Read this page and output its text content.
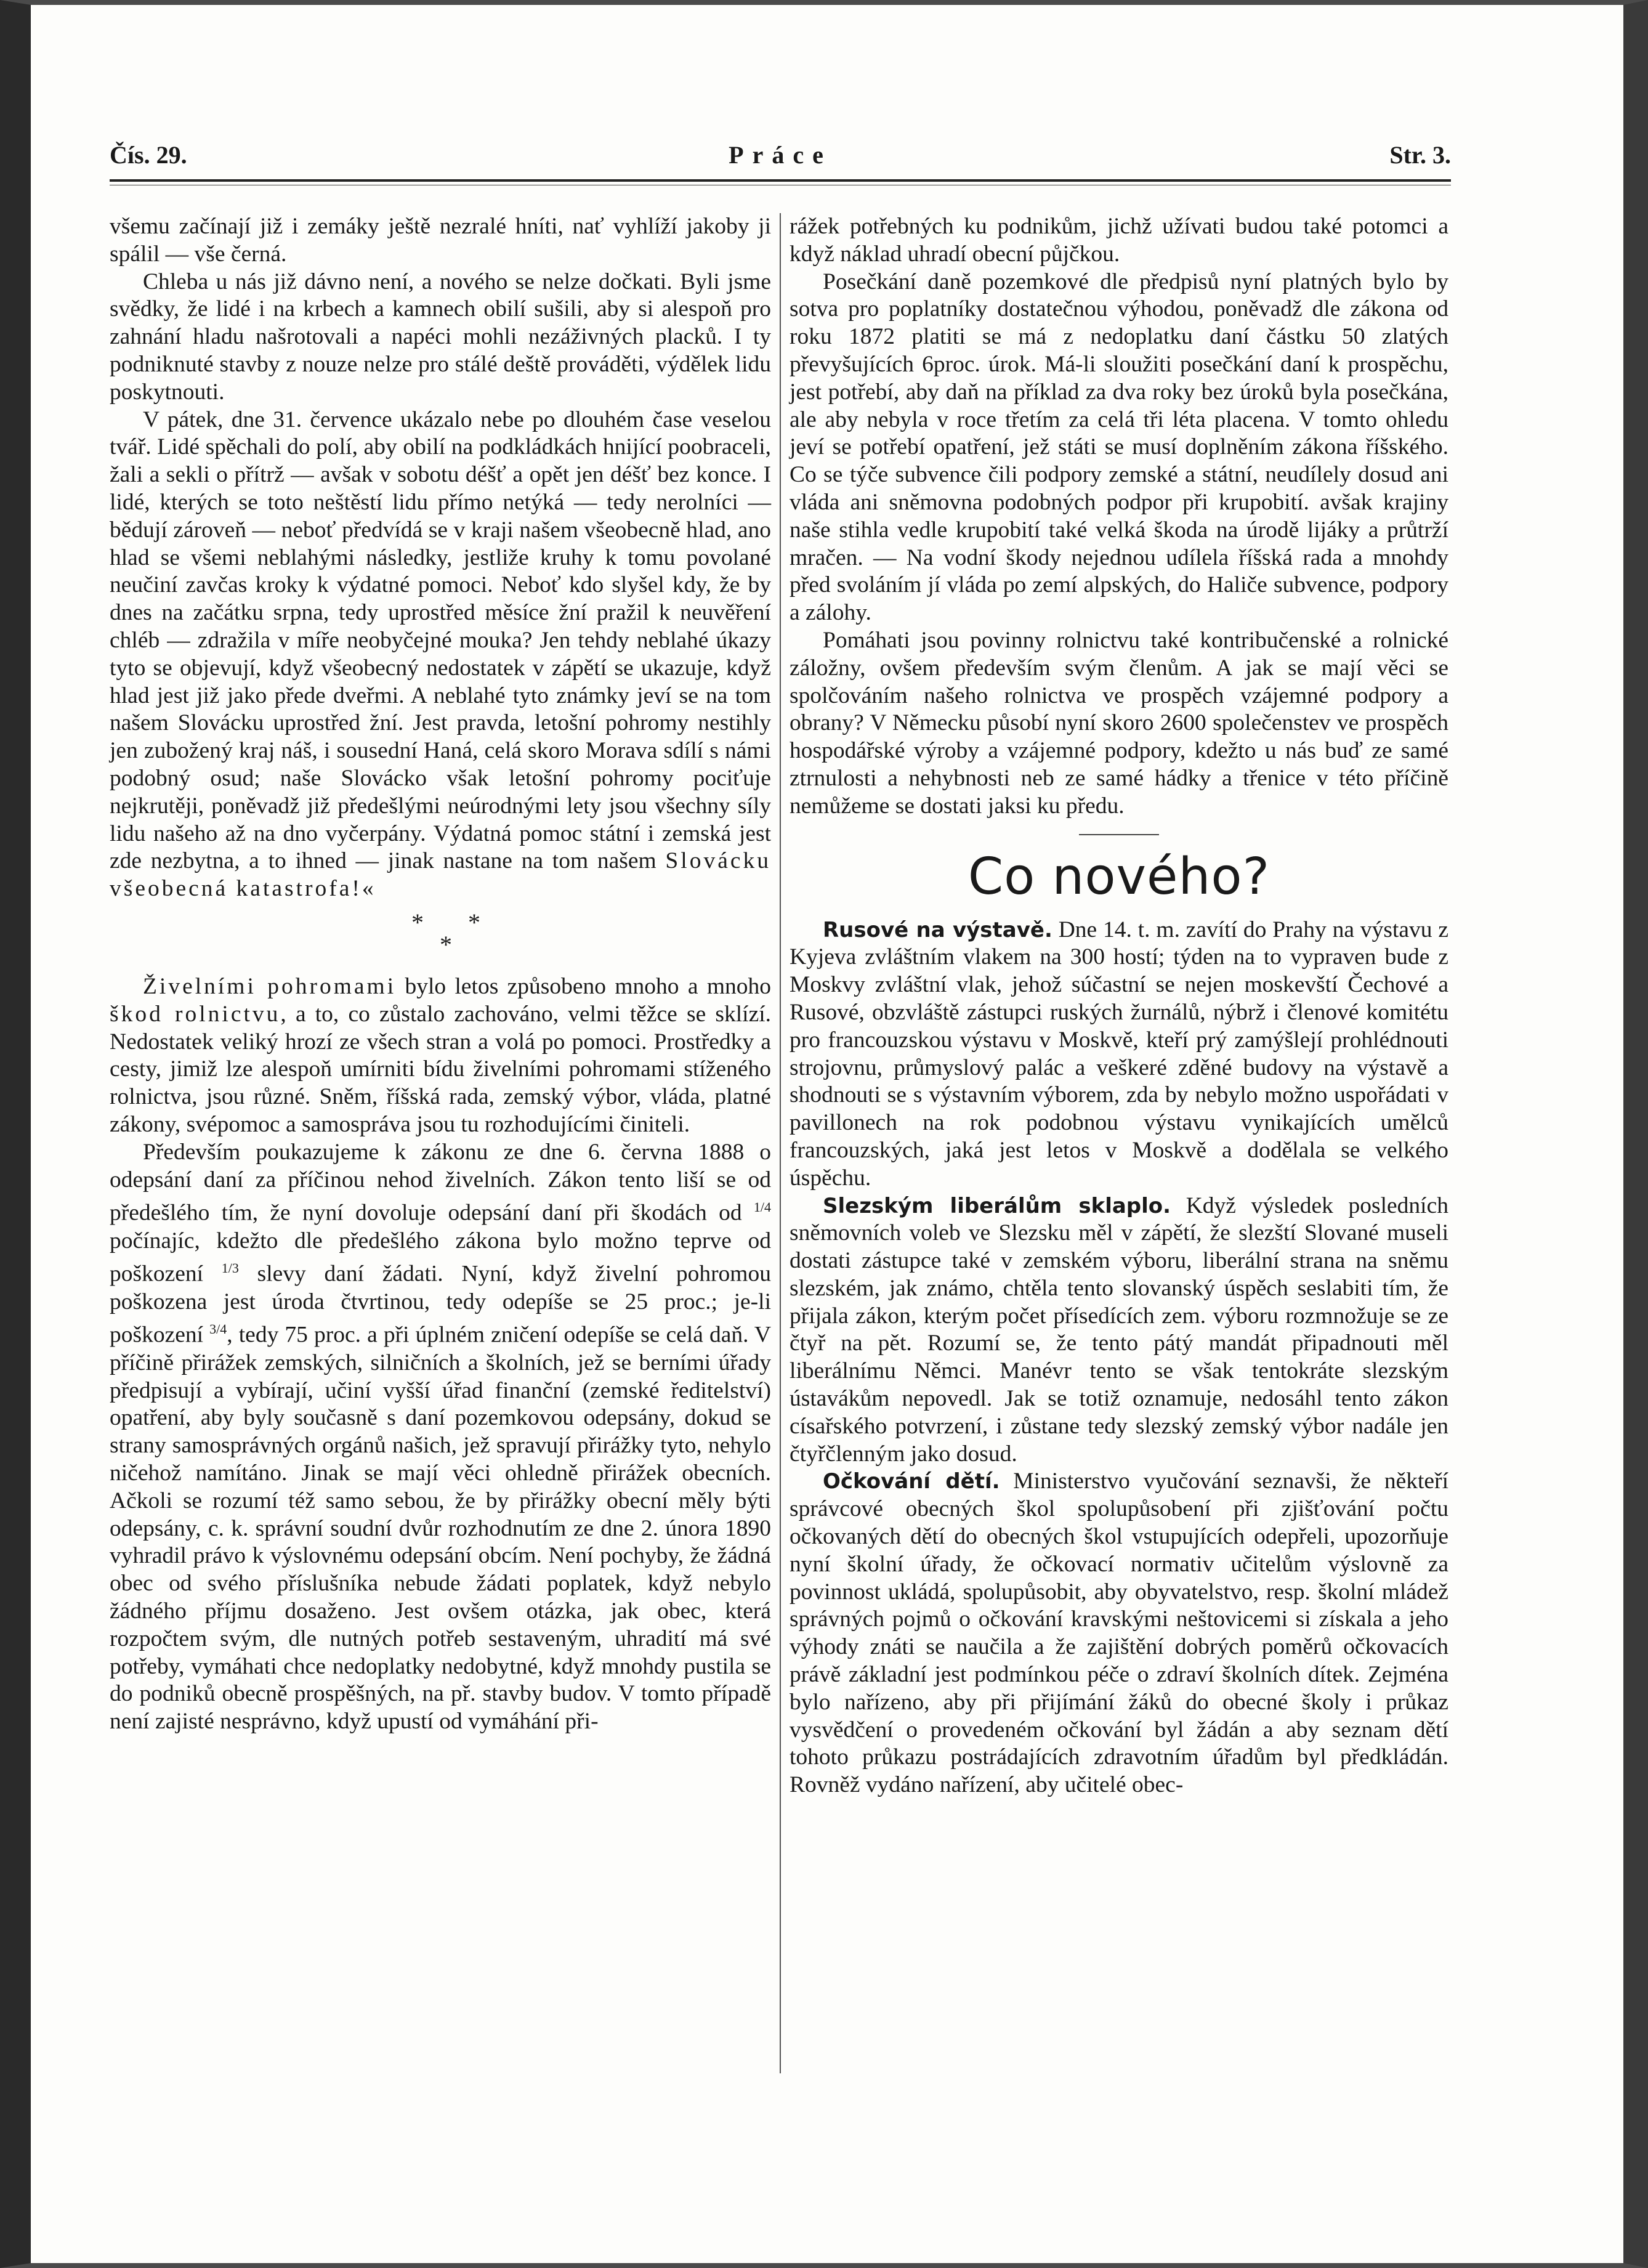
Čís. 29.	Práce	Str. 3.

všemu začínají již i zemáky ještě nezralé hníti, nať vyhlíží jakoby ji spálil — vše černá.

Chleba u nás již dávno není, a nového se nelze dočkati. Byli jsme svědky, že lidé i na krbech a kamnech obilí sušili, aby si alespoň pro zahnání hladu našrotovali a napéci mohli nezáživných placků. I ty podniknuté stavby z nouze nelze pro stálé deště prováděti, výdělek lidu poskytnouti.

V pátek, dne 31. července ukázalo nebe po dlouhém čase veselou tvář. Lidé spěchali do polí, aby obilí na podkládkách hnijící poobraceli, žali a sekli o přítrž — avšak v sobotu déšť a opět jen déšť bez konce. I lidé, kterých se toto neštěstí lidu přímo netýká — tedy nerolníci — bědují zároveň — neboť předvídá se v kraji našem všeobecně hlad, ano hlad se všemi neblahými následky, jestliže kruhy k tomu povolané neučiní zavčas kroky k výdatné pomoci. Neboť kdo slyšel kdy, že by dnes na začátku srpna, tedy uprostřed měsíce žní pražil k neuvěření chléb — zdražila v míře neobyčejné mouka? Jen tehdy neblahé úkazy tyto se objevují, když všeobecný nedostatek v zápětí se ukazuje, když hlad jest již jako přede dveřmi. A neblahé tyto známky jeví se na tom našem Slovácku uprostřed žní. Jest pravda, letošní pohromy nestihly jen zubožený kraj náš, i sousední Haná, celá skoro Morava sdílí s námi podobný osud; naše Slovácko však letošní pohromy pociťuje nejkrutěji, poněvadž již předešlými neúrodnými lety jsou všechny síly lidu našeho až na dno vyčerpány. Výdatná pomoc státní i zemská jest zde nezbytna, a to ihned — jinak nastane na tom našem Slovácku všeobecná katastrofa!«

* *
*

Živelními pohromami bylo letos způsobeno mnoho a mnoho škod rolnictvu, a to, co zůstalo zachováno, velmi těžce se sklízí. Nedostatek veliký hrozí ze všech stran a volá po pomoci. Prostředky a cesty, jimiž lze alespoň umírniti bídu živelními pohromami stíženého rolnictva, jsou různé. Sněm, říšská rada, zemský výbor, vláda, platné zákony, svépomoc a samospráva jsou tu rozhodujícími činiteli.

Především poukazujeme k zákonu ze dne 6. června 1888 o odepsání daní za příčinou nehod živelních. Zákon tento liší se od předešlého tím, že nyní dovoluje odepsání daní při škodách od $^{1/4}$ počínajíc, kdežto dle předešlého zákona bylo možno teprve od poškození $^{1/3}$ slevy daní žádati. Nyní, když živelní pohromou poškozena jest úroda čtvrtinou, tedy odepíše se 25 proc.; je-li poškození $^{3/4}$, tedy 75 proc. a při úplném zničení odepíše se celá daň. V příčině přirážek zemských, silničních a školních, jež se berními úřady předpisují a vybírají, učiní vyšší úřad finanční (zemské ředitelství) opatření, aby byly současně s daní pozemkovou odepsány, dokud se strany samosprávných orgánů našich, jež spravují přirážky tyto, nehylo ničehož namítáno. Jinak se mají věci ohledně přirážek obecních. Ačkoli se rozumí též samo sebou, že by přirážky obecní měly býti odepsány, c. k. správní soudní dvůr rozhodnutím ze dne 2. února 1890 vyhradil právo k výslovnému odepsání obcím. Není pochyby, že žádná obec od svého příslušníka nebude žádati poplatek, když nebylo žádného příjmu dosaženo. Jest ovšem otázka, jak obec, která rozpočtem svým, dle nutných potřeb sestaveným, uhradití má své potřeby, vymáhati chce nedoplatky nedobytné, když mnohdy pustila se do podniků obecně prospěšných, na př. stavby budov. V tomto případě není zajisté nesprávno, když upustí od vymáhání při-

rážek potřebných ku podnikům, jichž užívati budou také potomci a když náklad uhradí obecní půjčkou.

Posečkání daně pozemkové dle předpisů nyní platných bylo by sotva pro poplatníky dostatečnou výhodou, poněvadž dle zákona od roku 1872 platiti se má z nedoplatku daní částku 50 zlatých převyšujících 6proc. úrok. Má-li sloužiti posečkání daní k prospěchu, jest potřebí, aby daň na příklad za dva roky bez úroků byla posečkána, ale aby nebyla v roce třetím za celá tři léta placena. V tomto ohledu jeví se potřebí opatření, jež státi se musí doplněním zákona říšského. Co se týče subvence čili podpory zemské a státní, neudílely dosud ani vláda ani sněmovna podobných podpor při krupobití. avšak krajiny naše stihla vedle krupobití také velká škoda na úrodě lijáky a průtrží mračen. — Na vodní škody nejednou udílela říšská rada a mnohdy před svoláním jí vláda po zemí alpských, do Haliče subvence, podpory a zálohy.

Pomáhati jsou povinny rolnictvu také kontribučenské a rolnické záložny, ovšem především svým členům. A jak se mají věci se spolčováním našeho rolnictva ve prospěch vzájemné podpory a obrany? V Německu působí nyní skoro 2600 společenstev ve prospěch hospodářské výroby a vzájemné podpory, kdežto u nás buď ze samé ztrnulosti a nehybnosti neb ze samé hádky a třenice v této příčině nemůžeme se dostati jaksi ku předu.

Co nového?

Rusové na výstavě. Dne 14. t. m. zavítí do Prahy na výstavu z Kyjeva zvláštním vlakem na 300 hostí; týden na to vypraven bude z Moskvy zvláštní vlak, jehož súčastní se nejen moskevští Čechové a Rusové, obzvláště zástupci ruských žurnálů, nýbrž i členové komitétu pro francouzskou výstavu v Moskvě, kteří prý zamýšlejí prohlédnouti strojovnu, průmyslový palác a veškeré zděné budovy na výstavě a shodnouti se s výstavním výborem, zda by nebylo možno uspořádati v pavillonech na rok podobnou výstavu vynikajících umělců francouzských, jaká jest letos v Moskvě a dodělala se velkého úspěchu.

Slezským liberálům sklaplo. Když výsledek posledních sněmovních voleb ve Slezsku měl v zápětí, že slezští Slované museli dostati zástupce také v zemském výboru, liberální strana na sněmu slezském, jak známo, chtěla tento slovanský úspěch seslabiti tím, že přijala zákon, kterým počet přísedících zem. výboru rozmnožuje se ze čtyř na pět. Rozumí se, že tento pátý mandát připadnouti měl liberálnímu Němci. Manévr tento se však tentokráte slezským ústavákům nepovedl. Jak se totiž oznamuje, nedosáhl tento zákon císařského potvrzení, i zůstane tedy slezský zemský výbor nadále jen čtyřčlenným jako dosud.

Očkování dětí. Ministerstvo vyučování seznavši, že někteří správcové obecných škol spolupůsobení při zjišťování počtu očkovaných dětí do obecných škol vstupujících odepřeli, upozorňuje nyní školní úřady, že očkovací normativ učitelům výslovně za povinnost ukládá, spolupůsobit, aby obyvatelstvo, resp. školní mládež správných pojmů o očkování kravskými neštovicemi si získala a jeho výhody znáti se naučila a že zajištění dobrých poměrů očkovacích právě základní jest podmínkou péče o zdraví školních dítek. Zejména bylo nařízeno, aby při přijímání žáků do obecné školy i průkaz vysvědčení o provedeném očkování byl žádán a aby seznam dětí tohoto průkazu postrádajících zdravotním úřadům byl předkládán. Rovněž vydáno nařízení, aby učitelé obec-
